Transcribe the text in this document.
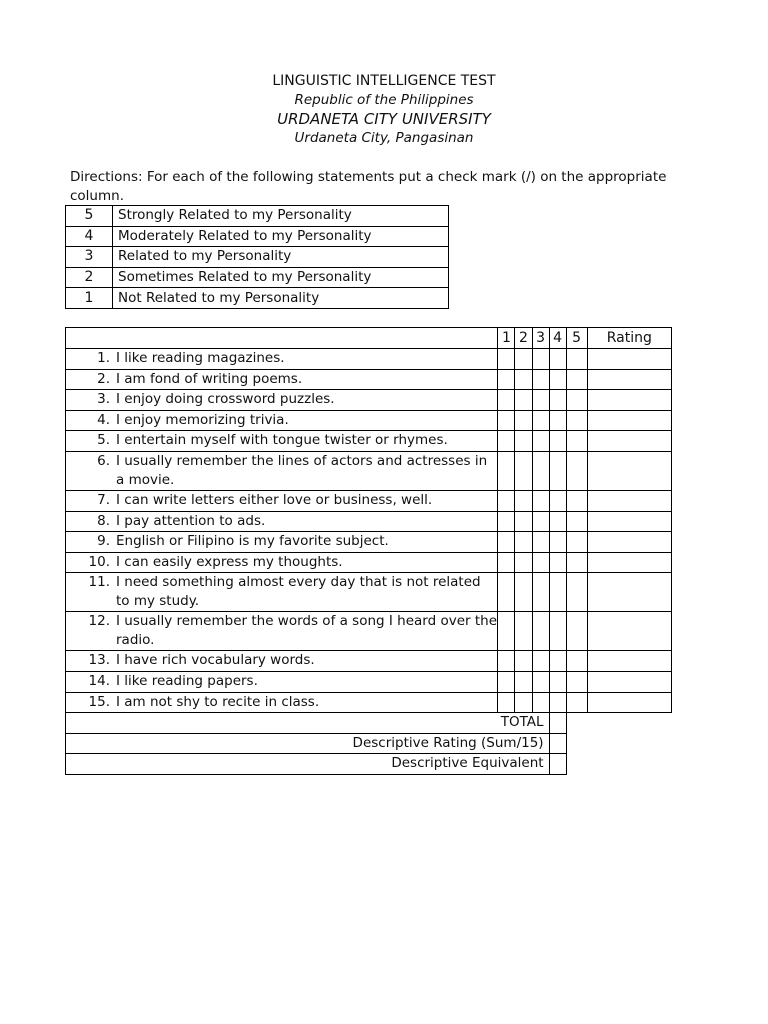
LINGUISTIC INTELLIGENCE TEST
Republic of the Philippines
URDANETA CITY UNIVERSITY
Urdaneta City, Pangasinan
Directions: For each of the following statements put a check mark (/) on the appropriate column.
5	Strongly Related to my Personality
4	Moderately Related to my Personality
3	Related to my Personality
2	Sometimes Related to my Personality
1	Not Related to my Personality
	1	2	3	4	5	Rating

1. I like reading magazines.						

2. I am fond of writing poems.						

3. I enjoy doing crossword puzzles.						

4. I enjoy memorizing trivia.						

5. I entertain myself with tongue twister or rhymes.						

6. I usually remember the lines of actors and actresses in a movie.						

7. I can write letters either love or business, well.						

8. I pay attention to ads.						

9. English or Filipino is my favorite subject.						

10. I can easily express my thoughts.						

11. I need something almost every day that is not related to my study.						

12. I usually remember the words of a song I heard over the radio.						

13. I have rich vocabulary words.						

14. I like reading papers.						

15. I am not shy to recite in class.						

TOTAL						
Descriptive Rating (Sum/15)						
Descriptive Equivalent						
